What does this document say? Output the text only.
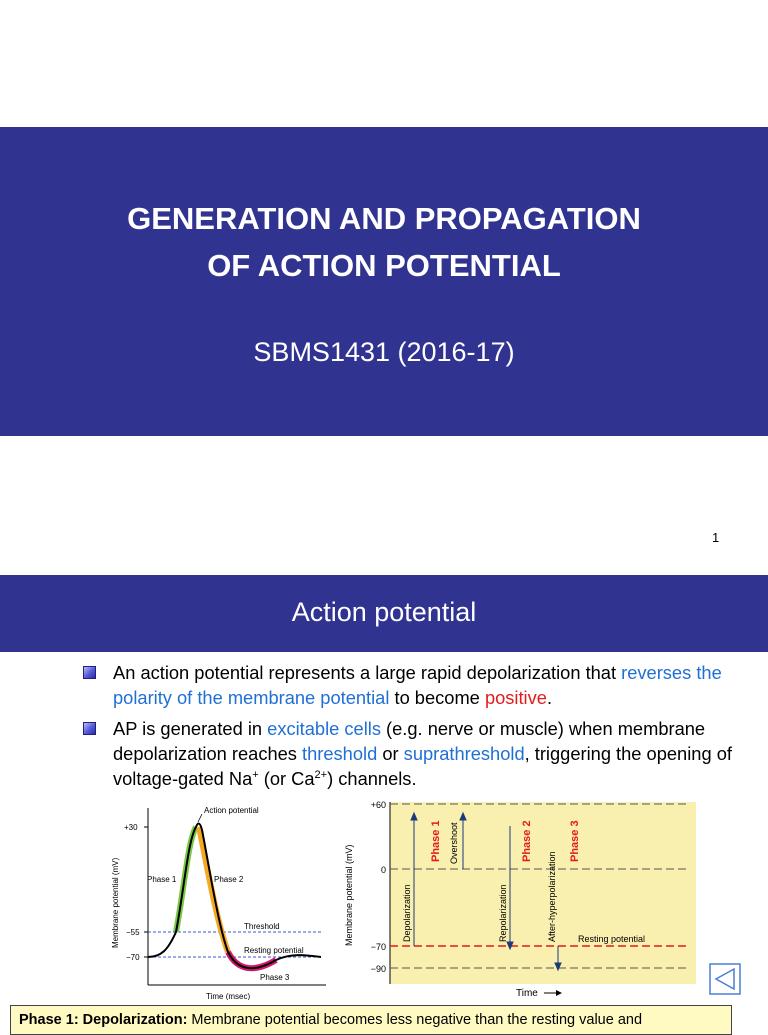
GENERATION AND PROPAGATION
OF ACTION POTENTIAL
SBMS1431 (2016-17)
1
Action potential
An action potential represents a large rapid depolarization that reverses the polarity of the membrane potential to become positive.
AP is generated in excitable cells (e.g. nerve or muscle) when membrane depolarization reaches threshold or suprathreshold, triggering the opening of voltage-gated Na+ (or $Ca^{2+}$) channels.
Action potential
+30
−55
−70
Phase 1	Phase 2
Phase 3
Threshold
Resting potential
Time (msec)
Membrane potential (mV)
+60
0
−70
−90
Membrane potential (mV)	Depolarization
Phase 1 Overshoot
Repolarization
Phase 2
After-hyperpolarization
Phase 3
Resting potential
Time
Phase 1: Depolarization: Membrane potential becomes less negative than the resting value and
